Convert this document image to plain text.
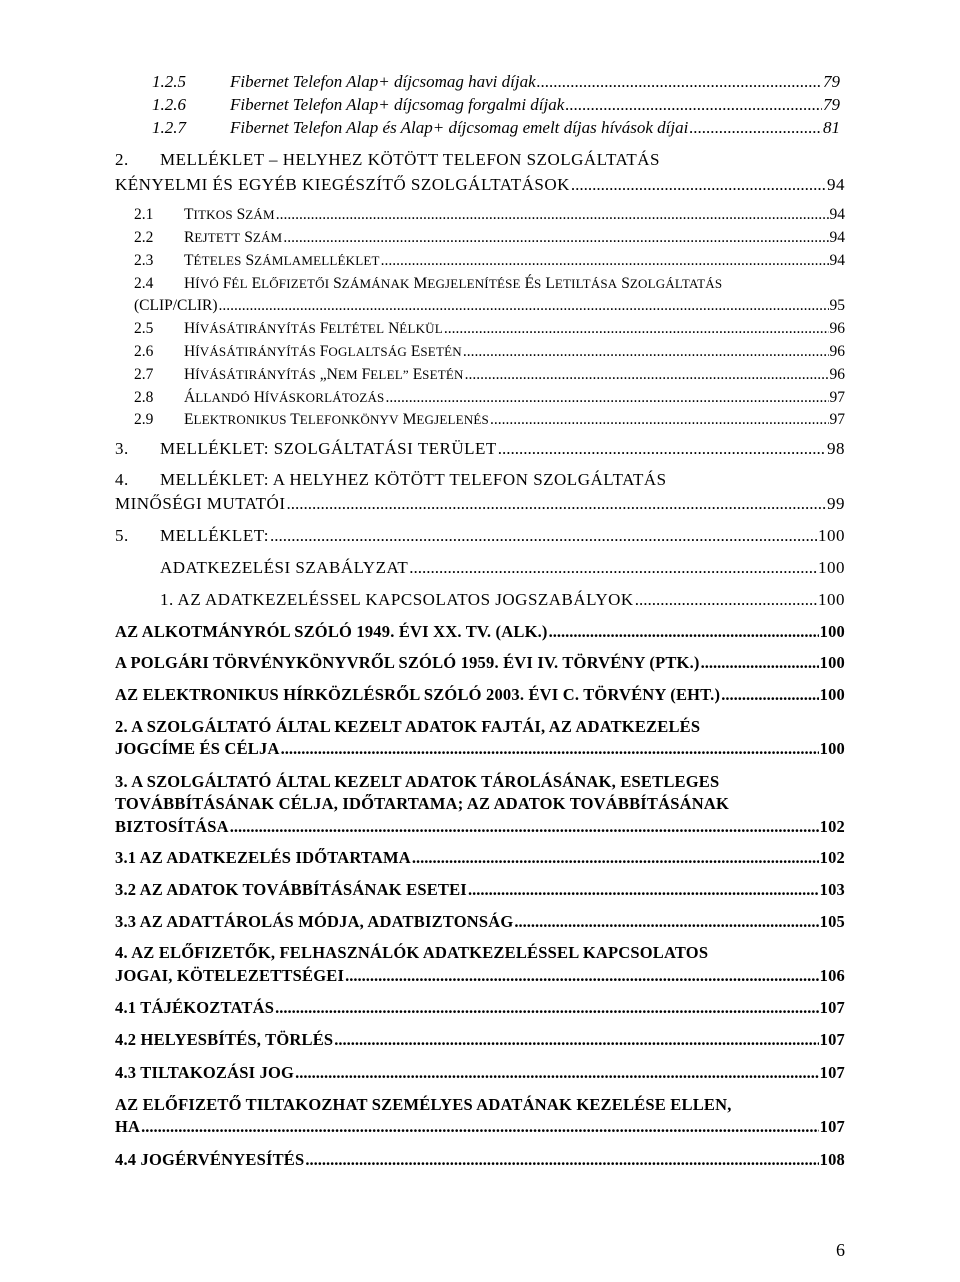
1.2.5	Fibernet Telefon Alap+ díjcsomag havi díjak .....	79
1.2.6	Fibernet Telefon Alap+ díjcsomag forgalmi díjak .....	79
1.2.7	Fibernet Telefon Alap és Alap+ díjcsomag emelt díjas hívások díjai .....	81
2. MELLÉKLET – HELYHEZ KÖTÖTT TELEFON SZOLGÁLTATÁS
KÉNYELMI ÉS EGYÉB KIEGÉSZÍTŐ SZOLGÁLTATÁSOK .....	94
2.1 TITKOS SZÁM .....	94
2.2 REJTETT SZÁM .....	94
2.3 TÉTELES SZÁMLAMELLÉKLET .....	94
2.4 HÍVÓ FÉL ELŐFIZETŐI SZÁMÁNAK MEGJELENÍTÉSE ÉS LETILTÁSA SZOLGÁLTATÁS
(CLIP/CLIR) .....	95
2.5 HÍVÁSÁTIRÁNYÍTÁS FELTÉTEL NÉLKÜL .....	96
2.6 HÍVÁSÁTIRÁNYÍTÁS FOGLALTSÁG ESETÉN .....	96
2.7 HÍVÁSÁTIRÁNYÍTÁS „NEM FELEL” ESETÉN .....	96
2.8 ÁLLANDÓ HÍVÁSKORLÁTOZÁS .....	97
2.9 ELEKTRONIKUS TELEFONKÖNYV MEGJELENÉS .....	97
3. MELLÉKLET: SZOLGÁLTATÁSI TERÜLET .....	98
4. MELLÉKLET: A HELYHEZ KÖTÖTT TELEFON SZOLGÁLTATÁS
MINŐSÉGI MUTATÓI .....	99
5. MELLÉKLET: .....	100
ADATKEZELÉSI SZABÁLYZAT .....	100
1. AZ ADATKEZELÉSSEL KAPCSOLATOS JOGSZABÁLYOK .....	100
AZ ALKOTMÁNYRÓL SZÓLÓ 1949. ÉVI XX. TV. (ALK.) .....	100
A POLGÁRI TÖRVÉNYKÖNYVRŐL SZÓLÓ 1959. ÉVI IV. TÖRVÉNY (PTK.) .....	100
AZ ELEKTRONIKUS HÍRKÖZLÉSRŐL SZÓLÓ 2003. ÉVI C. TÖRVÉNY (EHT.) .....	100
2. A SZOLGÁLTATÓ ÁLTAL KEZELT ADATOK FAJTÁI, AZ ADATKEZELÉS
JOGCÍME ÉS CÉLJA .....	100
3. A SZOLGÁLTATÓ ÁLTAL KEZELT ADATOK TÁROLÁSÁNAK, ESETLEGES
TOVÁBBÍTÁSÁNAK CÉLJA, IDŐTARTAMA; AZ ADATOK TOVÁBBÍTÁSÁNAK
BIZTOSÍTÁSA .....	102
3.1 AZ ADATKEZELÉS IDŐTARTAMA .....	102
3.2 AZ ADATOK TOVÁBBÍTÁSÁNAK ESETEI .....	103
3.3 AZ ADATTÁROLÁS MÓDJA, ADATBIZTONSÁG .....	105
4. AZ ELŐFIZETŐK, FELHASZNÁLÓK ADATKEZELÉSSEL KAPCSOLATOS
JOGAI, KÖTELEZETTSÉGEI .....	106
4.1 TÁJÉKOZTATÁS .....	107
4.2 HELYESBÍTÉS, TÖRLÉS .....	107
4.3 TILTAKOZÁSI JOG .....	107
AZ ELŐFIZETŐ TILTAKOZHAT SZEMÉLYES ADATÁNAK KEZELÉSE ELLEN,
HA .....	107
4.4 JOGÉRVÉNYESÍTÉS .....	108
6
